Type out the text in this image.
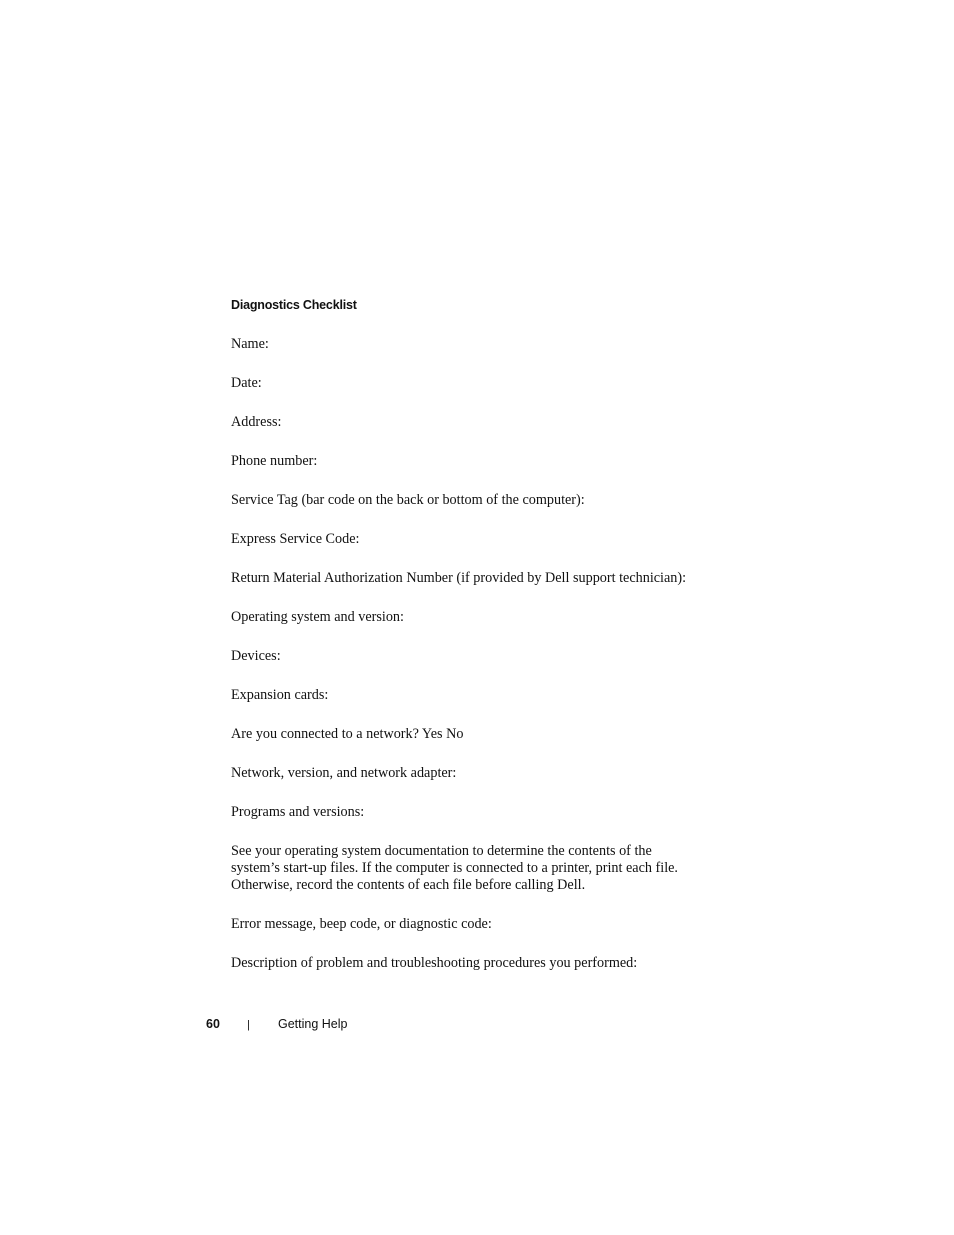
Diagnostics Checklist
Name:
Date:
Address:
Phone number:
Service Tag (bar code on the back or bottom of the computer):
Express Service Code:
Return Material Authorization Number (if provided by Dell support technician):
Operating system and version:
Devices:
Expansion cards:
Are you connected to a network? Yes No
Network, version, and network adapter:
Programs and versions:
See your operating system documentation to determine the contents of the
system’s start-up files. If the computer is connected to a printer, print each file.
Otherwise, record the contents of each file before calling Dell.
Error message, beep code, or diagnostic code:
Description of problem and troubleshooting procedures you performed:
60 | Getting Help
